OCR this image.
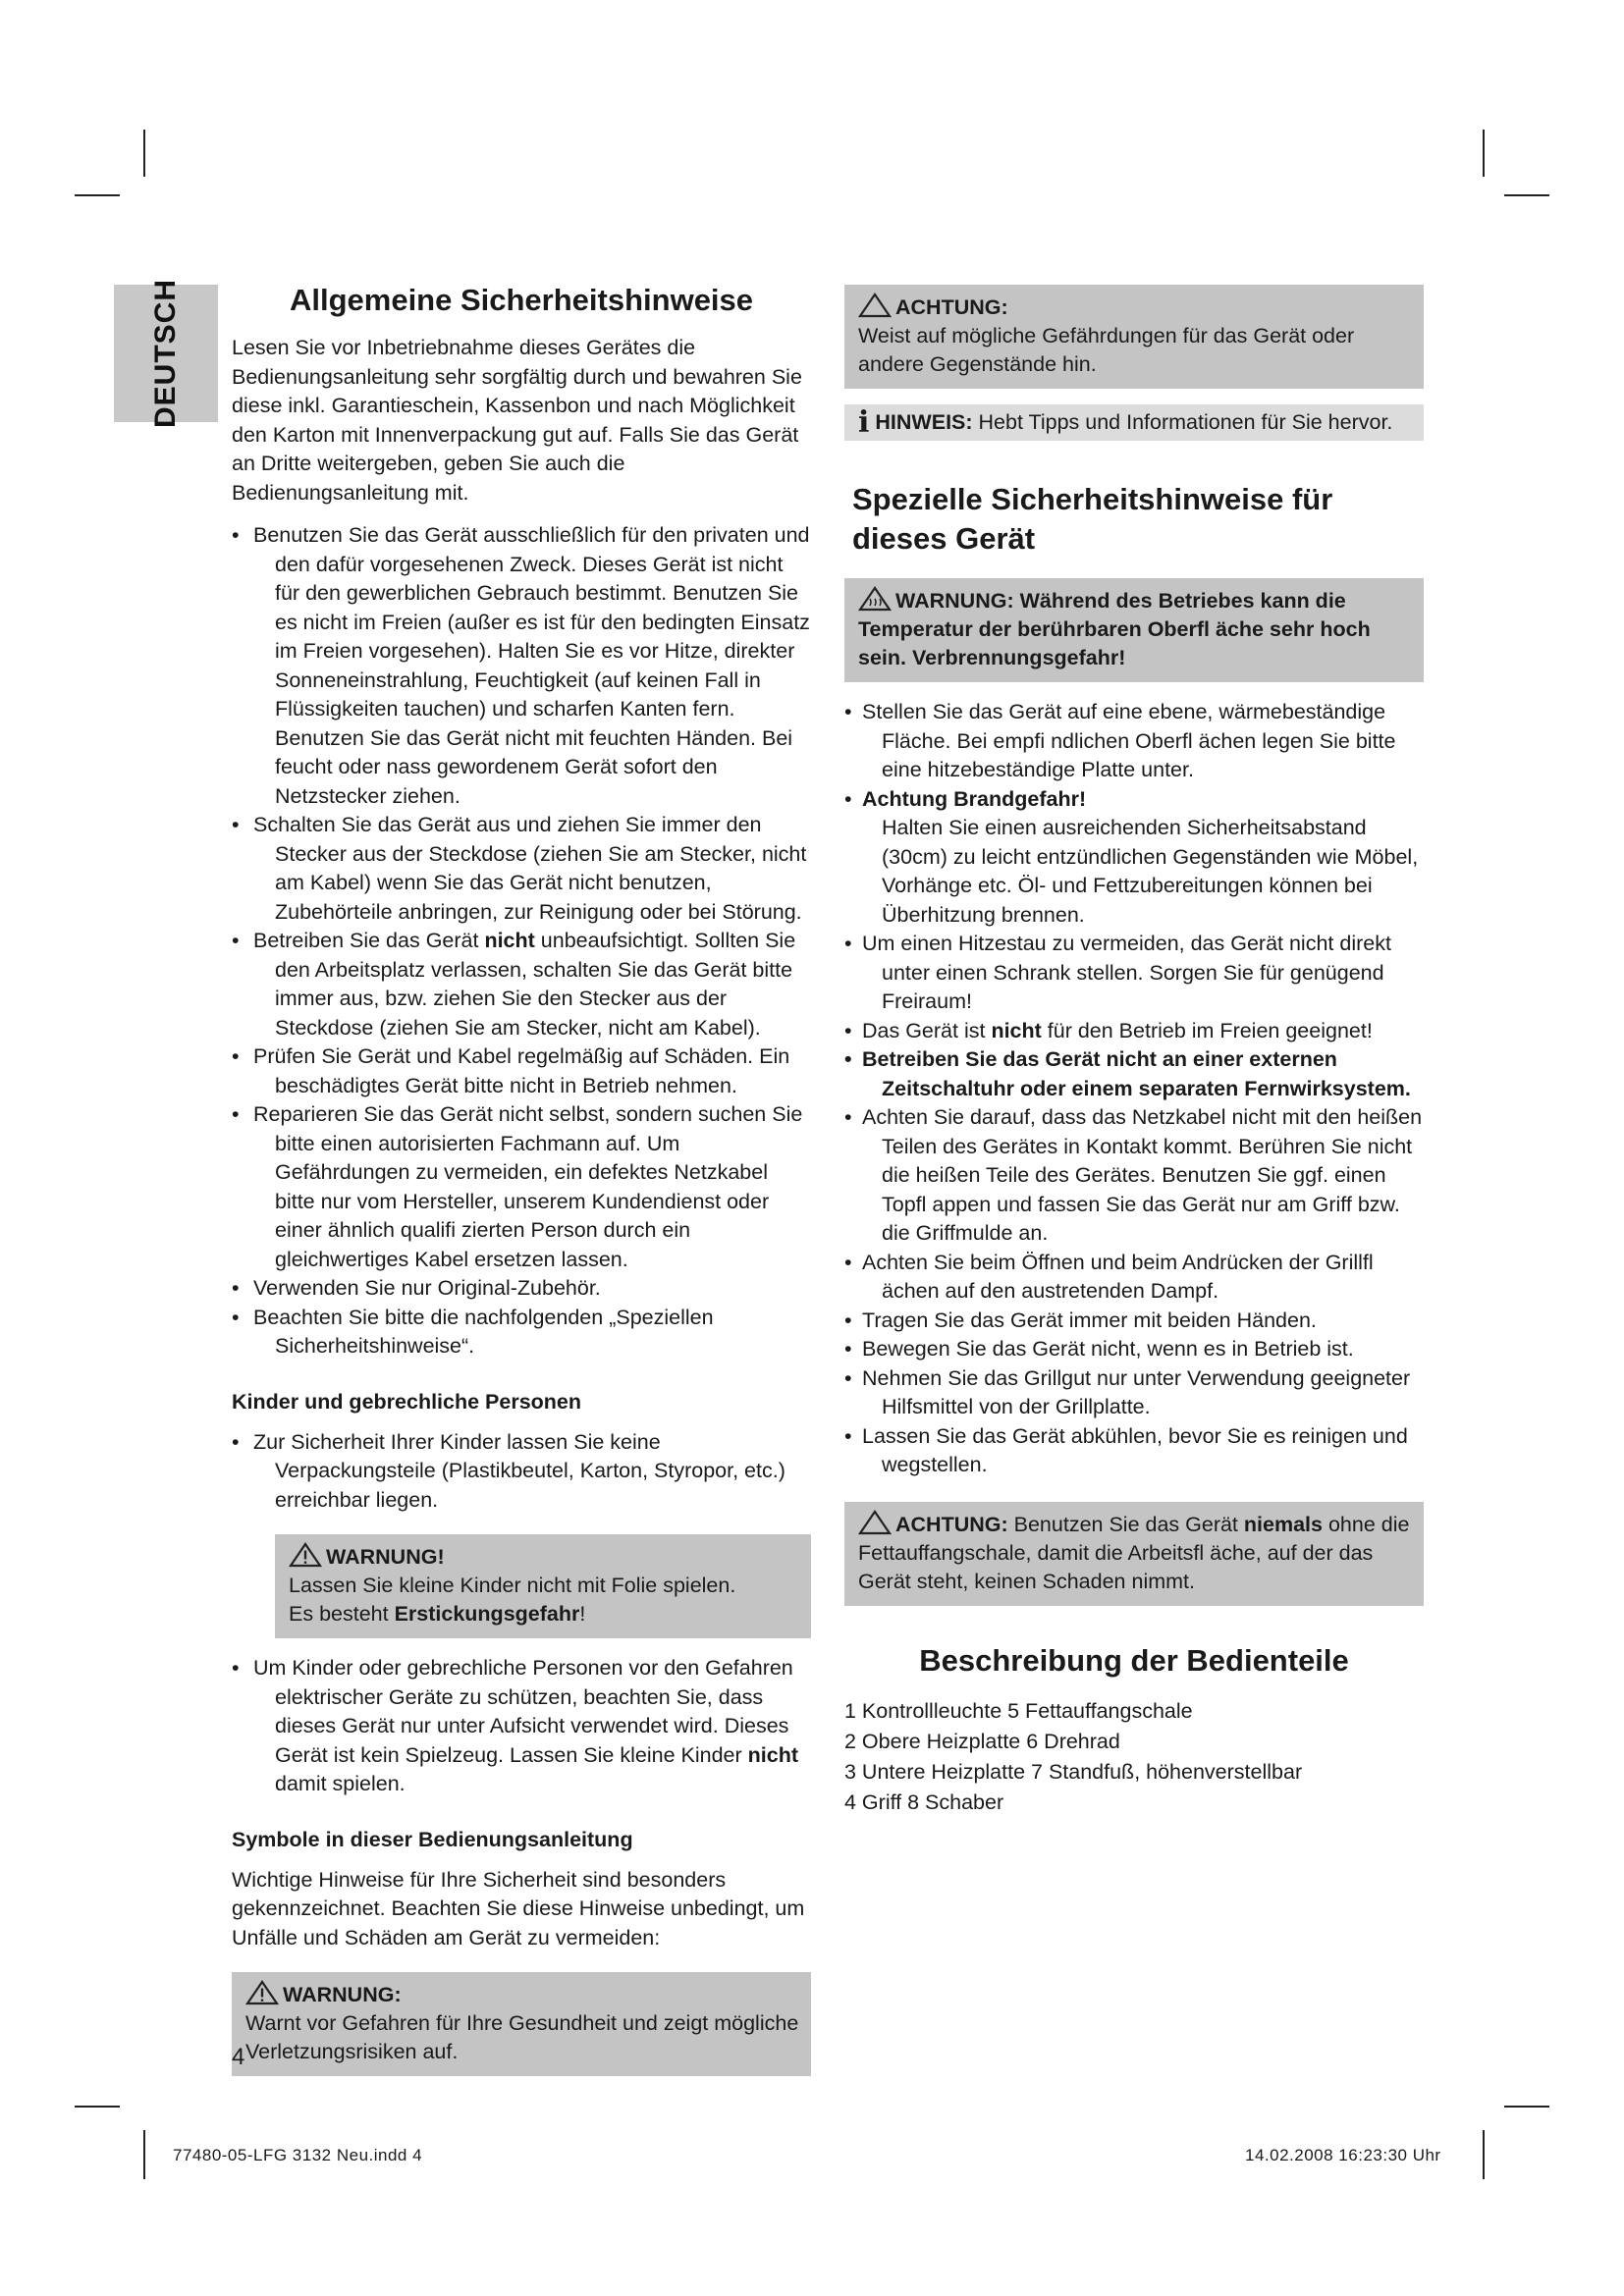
DEUTSCH	Allgemeine Sicherheitshinweise

Lesen Sie vor Inbetriebnahme dieses Gerätes die Bedienungsanleitung sehr sorgfältig durch und bewahren Sie diese inkl. Garantieschein, Kassenbon und nach Möglichkeit den Karton mit Innenverpackung gut auf. Falls Sie das Gerät an Dritte weitergeben, geben Sie auch die Bedienungsanleitung mit.

• Benutzen Sie das Gerät ausschließlich für den privaten und den dafür vorgesehenen Zweck. Dieses Gerät ist nicht für den gewerblichen Gebrauch bestimmt. Benutzen Sie es nicht im Freien (außer es ist für den bedingten Einsatz im Freien vorgesehen). Halten Sie es vor Hitze, direkter Sonneneinstrahlung, Feuchtigkeit (auf keinen Fall in Flüssigkeiten tauchen) und scharfen Kanten fern. Benutzen Sie das Gerät nicht mit feuchten Händen. Bei feucht oder nass gewordenem Gerät sofort den Netzstecker ziehen.
• Schalten Sie das Gerät aus und ziehen Sie immer den Stecker aus der Steckdose (ziehen Sie am Stecker, nicht am Kabel) wenn Sie das Gerät nicht benutzen, Zubehörteile anbringen, zur Reinigung oder bei Störung.
• Betreiben Sie das Gerät nicht unbeaufsichtigt. Sollten Sie den Arbeitsplatz verlassen, schalten Sie das Gerät bitte immer aus, bzw. ziehen Sie den Stecker aus der Steckdose (ziehen Sie am Stecker, nicht am Kabel).
• Prüfen Sie Gerät und Kabel regelmäßig auf Schäden. Ein beschädigtes Gerät bitte nicht in Betrieb nehmen.
• Reparieren Sie das Gerät nicht selbst, sondern suchen Sie bitte einen autorisierten Fachmann auf. Um Gefährdungen zu vermeiden, ein defektes Netzkabel bitte nur vom Hersteller, unserem Kundendienst oder einer ähnlich qualifi zierten Person durch ein gleichwertiges Kabel ersetzen lassen.
• Verwenden Sie nur Original-Zubehör.
• Beachten Sie bitte die nachfolgenden „Speziellen Sicherheitshinweise“.
Kinder und gebrechliche Personen
• Zur Sicherheit Ihrer Kinder lassen Sie keine Verpackungsteile (Plastikbeutel, Karton, Styropor, etc.) erreichbar liegen.
WARNUNG!
Lassen Sie kleine Kinder nicht mit Folie spielen.
Es besteht Erstickungsgefahr!
• Um Kinder oder gebrechliche Personen vor den Gefahren elektrischer Geräte zu schützen, beachten Sie, dass dieses Gerät nur unter Aufsicht verwendet wird. Dieses Gerät ist kein Spielzeug. Lassen Sie kleine Kinder nicht damit spielen.
Symbole in dieser Bedienungsanleitung

Wichtige Hinweise für Ihre Sicherheit sind besonders gekennzeichnet. Beachten Sie diese Hinweise unbedingt, um Unfälle und Schäden am Gerät zu vermeiden:

WARNUNG:
Warnt vor Gefahren für Ihre Gesundheit und zeigt mögliche Verletzungsrisiken auf.
ACHTUNG:
Weist auf mögliche Gefährdungen für das Gerät oder andere Gegenstände hin.
i HINWEIS: Hebt Tipps und Informationen für Sie hervor.
Spezielle Sicherheitshinweise für dieses Gerät
WARNUNG: Während des Betriebes kann die Temperatur der berührbaren Oberfl äche sehr hoch sein. Verbrennungsgefahr!
• Stellen Sie das Gerät auf eine ebene, wärmebeständige Fläche. Bei empfi ndlichen Oberfl ächen legen Sie bitte eine hitzebeständige Platte unter.
• Achtung Brandgefahr!
Halten Sie einen ausreichenden Sicherheitsabstand (30cm) zu leicht entzündlichen Gegenständen wie Möbel, Vorhänge etc. Öl- und Fettzubereitungen können bei Überhitzung brennen.
• Um einen Hitzestau zu vermeiden, das Gerät nicht direkt unter einen Schrank stellen. Sorgen Sie für genügend Freiraum!
• Das Gerät ist nicht für den Betrieb im Freien geeignet!
• Betreiben Sie das Gerät nicht an einer externen Zeitschaltuhr oder einem separaten Fernwirksystem.
• Achten Sie darauf, dass das Netzkabel nicht mit den heißen Teilen des Gerätes in Kontakt kommt. Berühren Sie nicht die heißen Teile des Gerätes. Benutzen Sie ggf. einen Topfl appen und fassen Sie das Gerät nur am Griff bzw. die Griffmulde an.
• Achten Sie beim Öffnen und beim Andrücken der Grillfl ächen auf den austretenden Dampf.
• Tragen Sie das Gerät immer mit beiden Händen.
• Bewegen Sie das Gerät nicht, wenn es in Betrieb ist.
• Nehmen Sie das Grillgut nur unter Verwendung geeigneter Hilfsmittel von der Grillplatte.
• Lassen Sie das Gerät abkühlen, bevor Sie es reinigen und wegstellen.
ACHTUNG: Benutzen Sie das Gerät niemals ohne die Fettauffangschale, damit die Arbeitsfl äche, auf der das Gerät steht, keinen Schaden nimmt.
Beschreibung der Bedienteile

1 Kontrollleuchte 5 Fettauffangschale

2 Obere Heizplatte 6 Drehrad

3 Untere Heizplatte 7 Standfuß, höhenverstellbar

4 Griff 8 Schaber

4
77480-05-LFG 3132 Neu.indd 4	14.02.2008 16:23:30 Uhr
